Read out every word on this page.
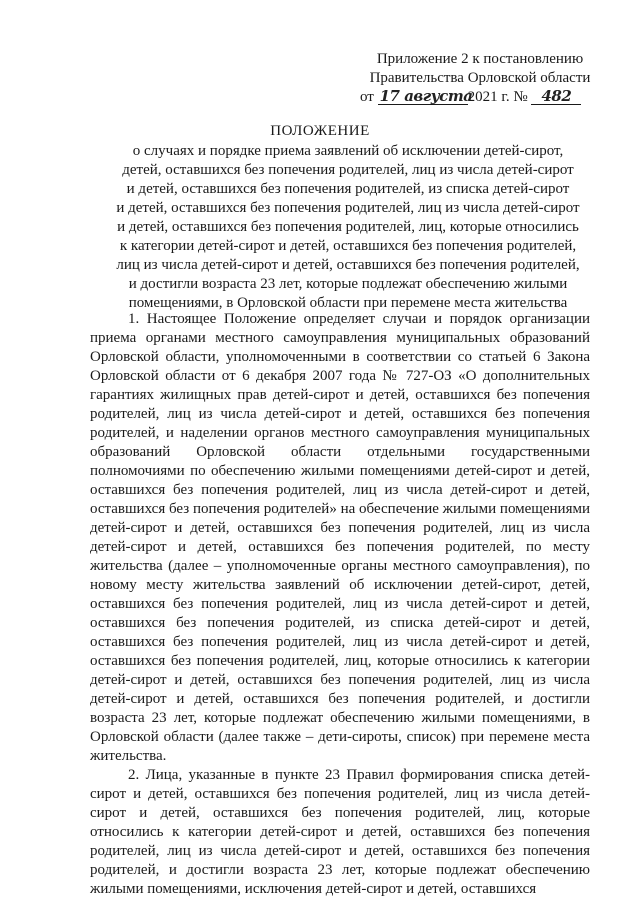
Приложение 2 к постановлению
Правительства Орловской области
от 17 августа2021 г. № 482
ПОЛОЖЕНИЕ
о случаях и порядке приема заявлений об исключении детей-сирот,
детей, оставшихся без попечения родителей, лиц из числа детей-сирот
и детей, оставшихся без попечения родителей, из списка детей-сирот
и детей, оставшихся без попечения родителей, лиц из числа детей-сирот
и детей, оставшихся без попечения родителей, лиц, которые относились
к категории детей-сирот и детей, оставшихся без попечения родителей,
лиц из числа детей-сирот и детей, оставшихся без попечения родителей,
и достигли возраста 23 лет, которые подлежат обеспечению жилыми
помещениями, в Орловской области при перемене места жительства

1. Настоящее Положение определяет случаи и порядок организации приема органами местного самоуправления муниципальных образований Орловской области, уполномоченными в соответствии со статьей 6 Закона Орловской области от 6 декабря 2007 года № 727-ОЗ «О дополнительных гарантиях жилищных прав детей-сирот и детей, оставшихся без попечения родителей, лиц из числа детей-сирот и детей, оставшихся без попечения родителей, и наделении органов местного самоуправления муниципальных образований Орловской области отдельными государственными полномочиями по обеспечению жилыми помещениями детей-сирот и детей, оставшихся без попечения родителей, лиц из числа детей-сирот и детей, оставшихся без попечения родителей» на обеспечение жилыми помещениями детей-сирот и детей, оставшихся без попечения родителей, лиц из числа детей-сирот и детей, оставшихся без попечения родителей, по месту жительства (далее – уполномоченные органы местного самоуправления), по новому месту жительства заявлений об исключении детей-сирот, детей, оставшихся без попечения родителей, лиц из числа детей-сирот и детей, оставшихся без попечения родителей, из списка детей-сирот и детей, оставшихся без попечения родителей, лиц из числа детей-сирот и детей, оставшихся без попечения родителей, лиц, которые относились к категории детей-сирот и детей, оставшихся без попечения родителей, лиц из числа детей-сирот и детей, оставшихся без попечения родителей, и достигли возраста 23 лет, которые подлежат обеспечению жилыми помещениями, в Орловской области (далее также – дети-сироты, список) при перемене места жительства.

2. Лица, указанные в пункте 23 Правил формирования списка детей-сирот и детей, оставшихся без попечения родителей, лиц из числа детей-сирот и детей, оставшихся без попечения родителей, лиц, которые относились к категории детей-сирот и детей, оставшихся без попечения родителей, лиц из числа детей-сирот и детей, оставшихся без попечения родителей, и достигли возраста 23 лет, которые подлежат обеспечению жилыми помещениями, исключения детей-сирот и детей, оставшихся
